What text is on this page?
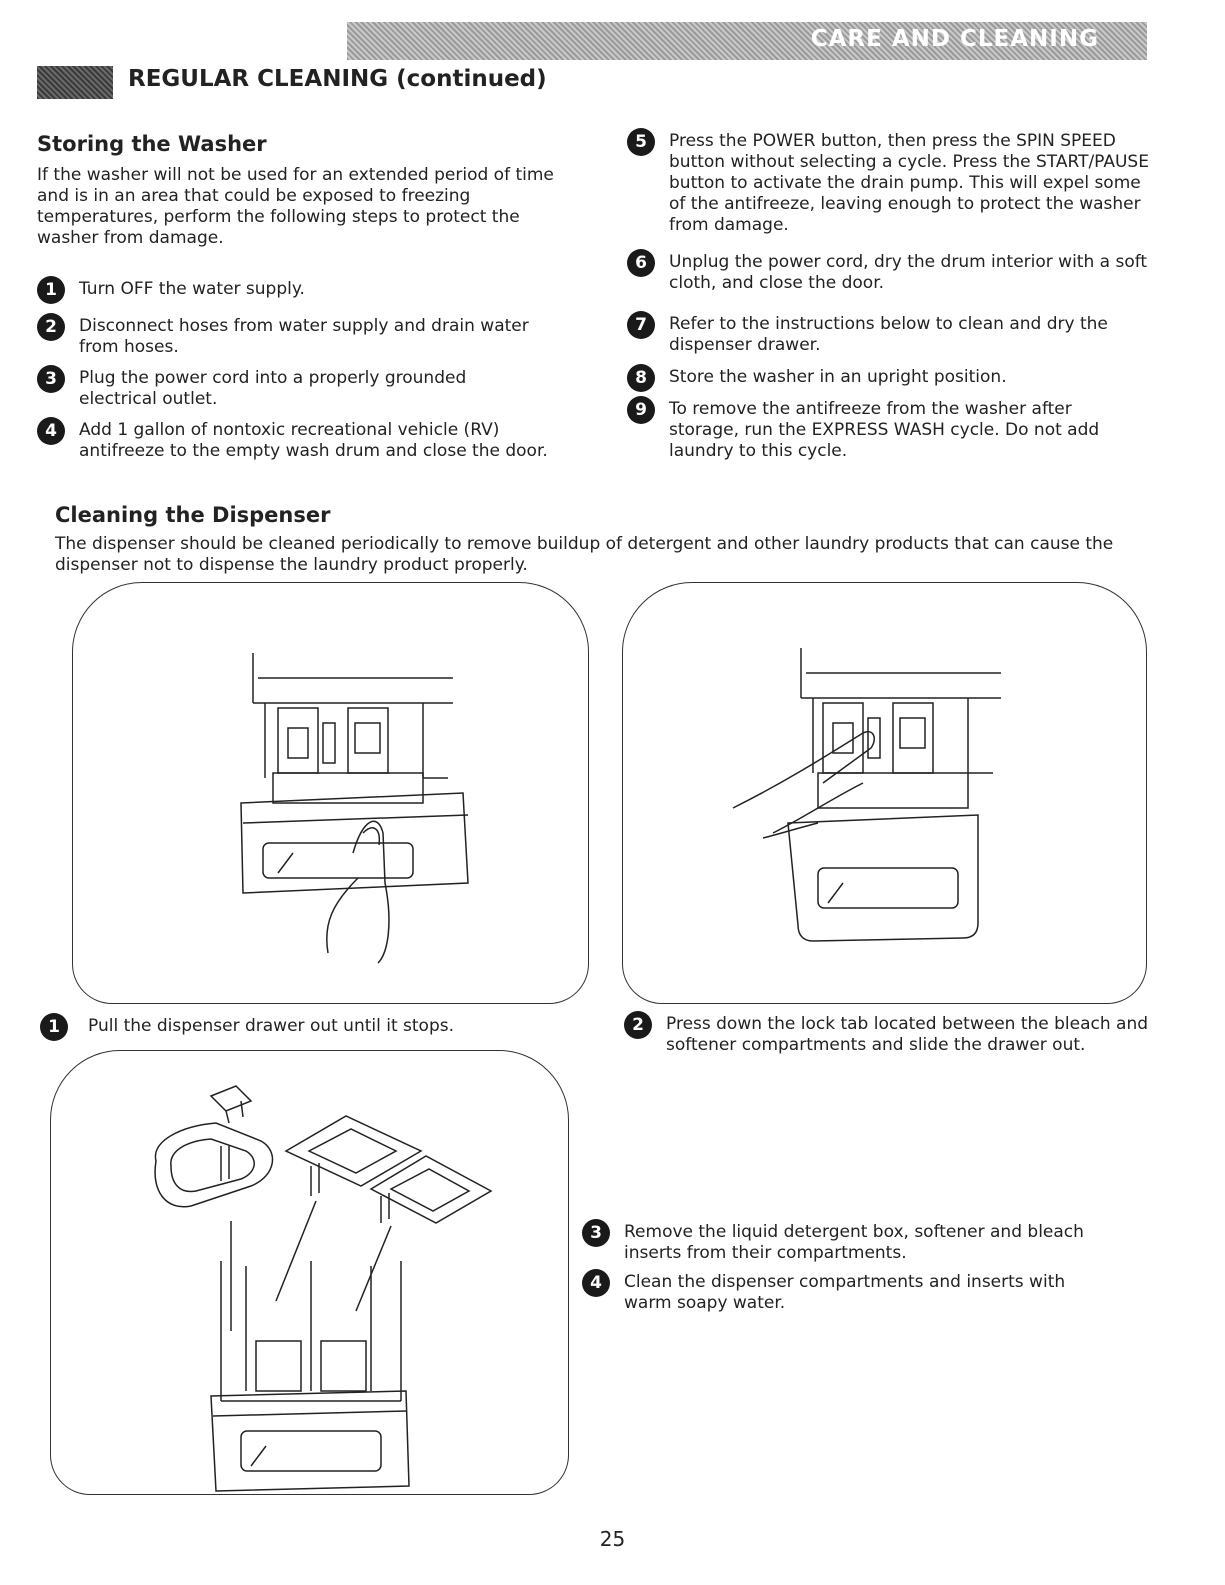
CARE AND CLEANING
REGULAR CLEANING (continued)
Storing the Washer

If the washer will not be used for an extended period of time and is in an area that could be exposed to freezing temperatures, perform the following steps to protect the washer from damage.

1	Turn OFF the water supply.
2	Disconnect hoses from water supply and drain water from hoses.
3	Plug the power cord into a properly grounded electrical outlet.
4	Add 1 gallon of nontoxic recreational vehicle (RV) antifreeze to the empty wash drum and close the door.
5	Press the POWER button, then press the SPIN SPEED button without selecting a cycle. Press the START/PAUSE button to activate the drain pump. This will expel some of the antifreeze, leaving enough to protect the washer from damage.
6	Unplug the power cord, dry the drum interior with a soft cloth, and close the door.
7	Refer to the instructions below to clean and dry the dispenser drawer.
8	Store the washer in an upright position.
9	To remove the antifreeze from the washer after storage, run the EXPRESS WASH cycle. Do not add laundry to this cycle.
Cleaning the Dispenser

The dispenser should be cleaned periodically to remove buildup of detergent and other laundry products that can cause the dispenser not to dispense the laundry product properly.

1	Pull the dispenser drawer out until it stops.	2	Press down the lock tab located between the bleach and softener compartments and slide the drawer out.
3	Remove the liquid detergent box, softener and bleach inserts from their compartments.
4	Clean the dispenser compartments and inserts with warm soapy water.
25
